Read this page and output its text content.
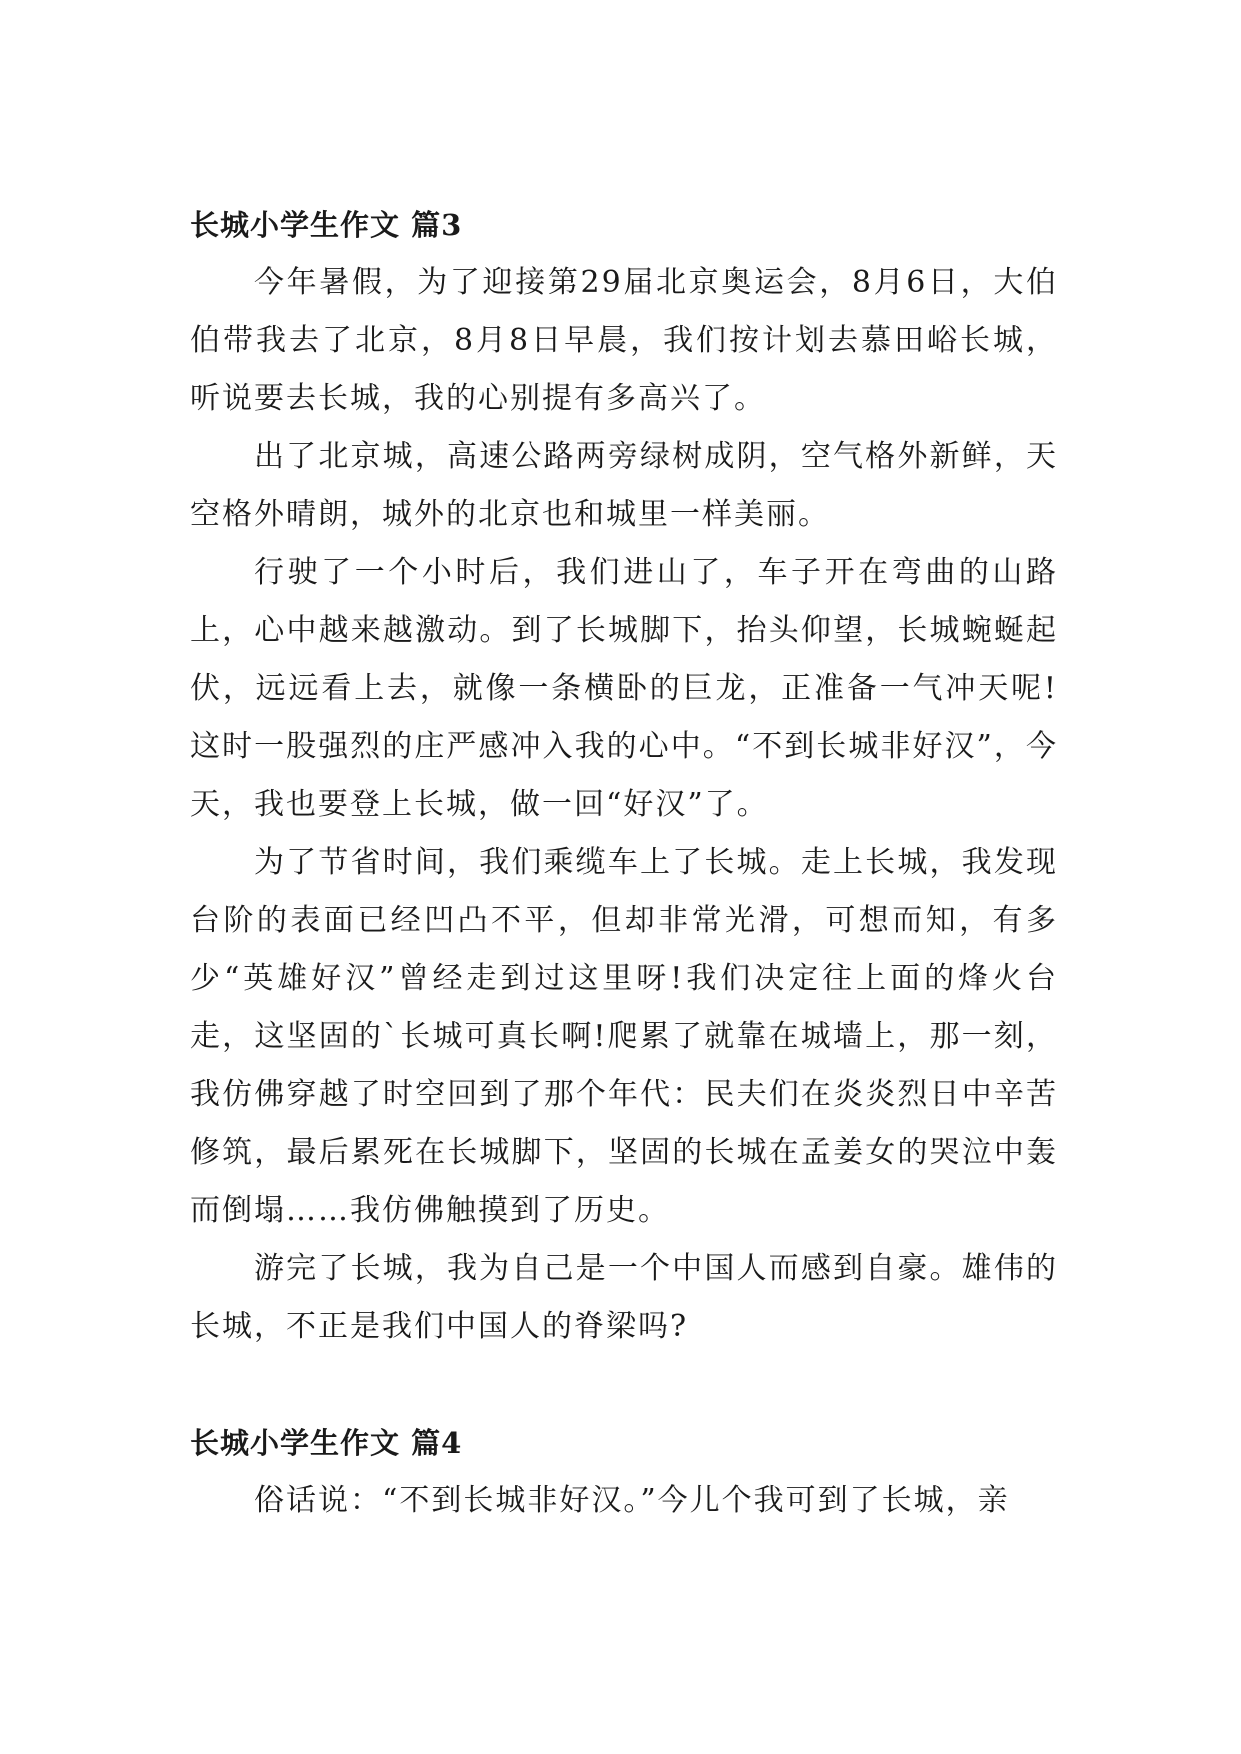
长城小学生作文 篇3

今年暑假，为了迎接第29届北京奥运会，8月6日，大伯伯带我去了北京，8月8日早晨，我们按计划去慕田峪长城，听说要去长城，我的心别提有多高兴了。

出了北京城，高速公路两旁绿树成阴，空气格外新鲜，天空格外晴朗，城外的北京也和城里一样美丽。

行驶了一个小时后，我们进山了，车子开在弯曲的山路上，心中越来越激动。到了长城脚下，抬头仰望，长城蜿蜒起伏，远远看上去，就像一条横卧的巨龙，正准备一气冲天呢!这时一股强烈的庄严感冲入我的心中。“不到长城非好汉”，今天，我也要登上长城，做一回“好汉”了。

为了节省时间，我们乘缆车上了长城。走上长城，我发现台阶的表面已经凹凸不平，但却非常光滑，可想而知，有多少“英雄好汉”曾经走到过这里呀!我们决定往上面的烽火台走，这坚固的`长城可真长啊!爬累了就靠在城墙上，那一刻，我仿佛穿越了时空回到了那个年代：民夫们在炎炎烈日中辛苦修筑，最后累死在长城脚下，坚固的长城在孟姜女的哭泣中轰而倒塌……我仿佛触摸到了历史。

游完了长城，我为自己是一个中国人而感到自豪。雄伟的长城，不正是我们中国人的脊梁吗?

长城小学生作文 篇4

俗话说：“不到长城非好汉。”今儿个我可到了长城，亲
